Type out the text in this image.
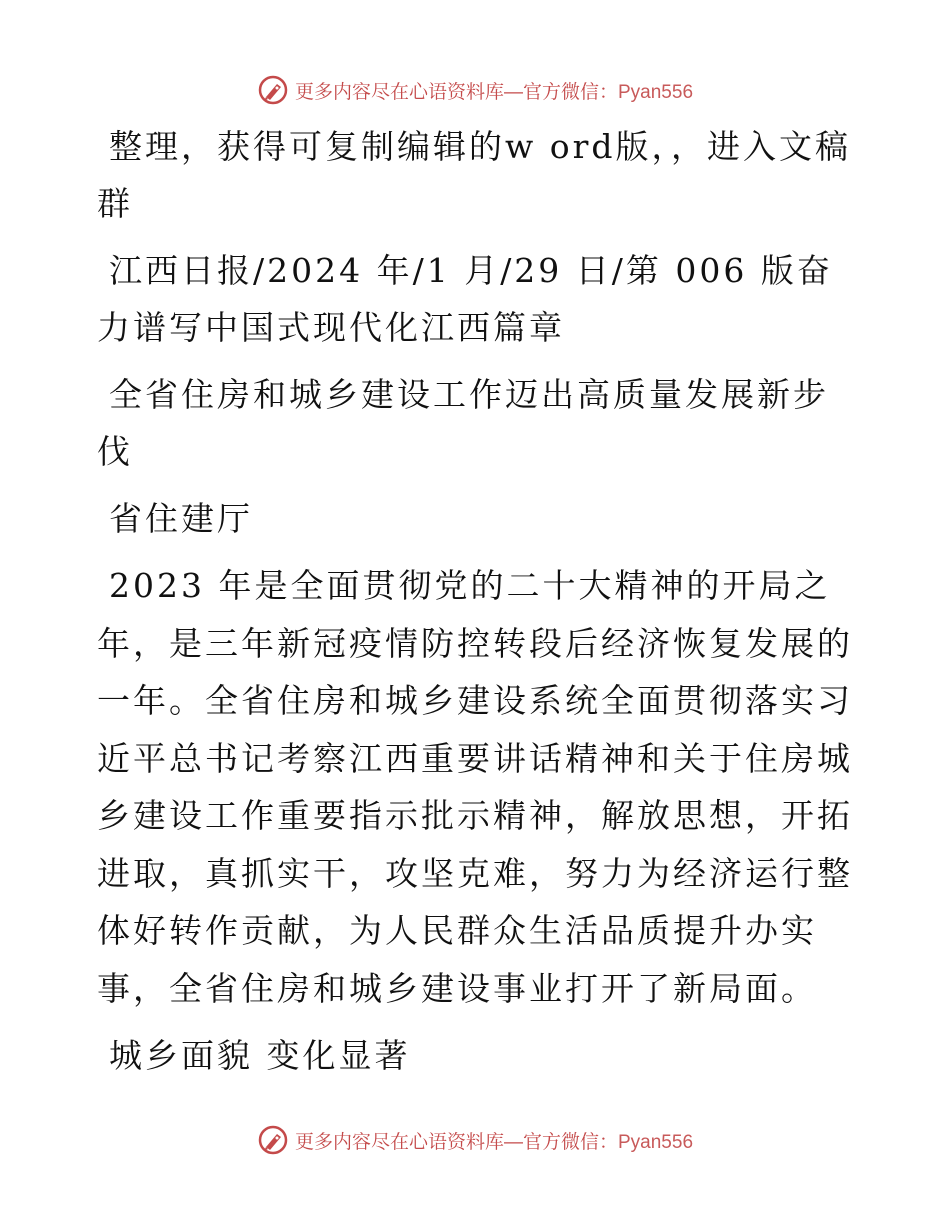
更多内容尽在心语资料库—官方微信：Pyan556

整理，获得可复制编辑的w ord版，，进入文稿群

江西日报/2024 年/1 月/29 日/第 006 版奋力谱写中国式现代化江西篇章

全省住房和城乡建设工作迈出高质量发展新步伐

省住建厅

2023 年是全面贯彻党的二十大精神的开局之年，是三年新冠疫情防控转段后经济恢复发展的一年。全省住房和城乡建设系统全面贯彻落实习近平总书记考察江西重要讲话精神和关于住房城乡建设工作重要指示批示精神，解放思想，开拓进取，真抓实干，攻坚克难，努力为经济运行整体好转作贡献，为人民群众生活品质提升办实事，全省住房和城乡建设事业打开了新局面。

城乡面貌 变化显著

更多内容尽在心语资料库—官方微信：Pyan556
